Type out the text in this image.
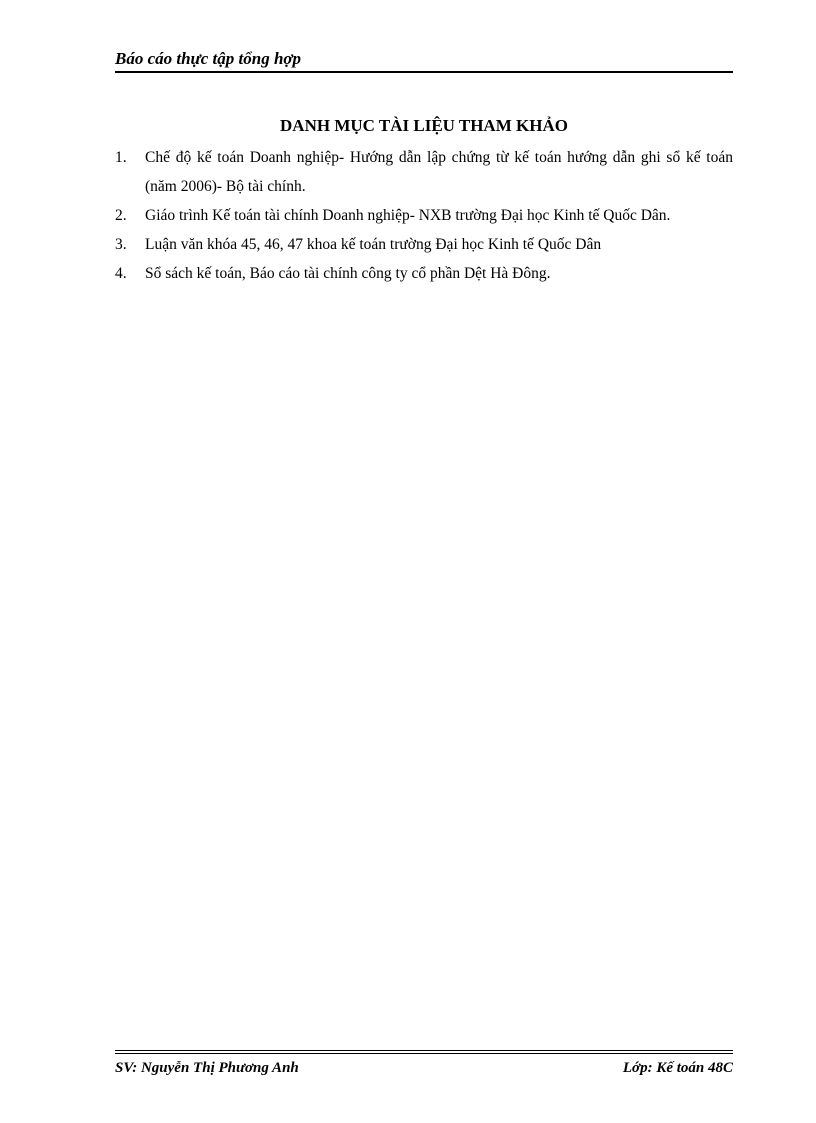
Báo cáo thực tập tổng hợp
DANH MỤC TÀI LIỆU THAM KHẢO
1. Chế độ kế toán Doanh nghiệp- Hướng dẫn lập chứng từ kế toán hướng dẫn ghi sổ kế toán (năm 2006)- Bộ tài chính.
2. Giáo trình Kế toán tài chính Doanh nghiệp- NXB trường Đại học Kinh tế Quốc Dân.
3. Luận văn khóa 45, 46, 47 khoa kế toán trường Đại học Kinh tế Quốc Dân
4. Sổ sách kế toán, Báo cáo tài chính công ty cổ phần Dệt Hà Đông.
SV: Nguyễn Thị Phương Anh	Lớp: Kế toán 48C
